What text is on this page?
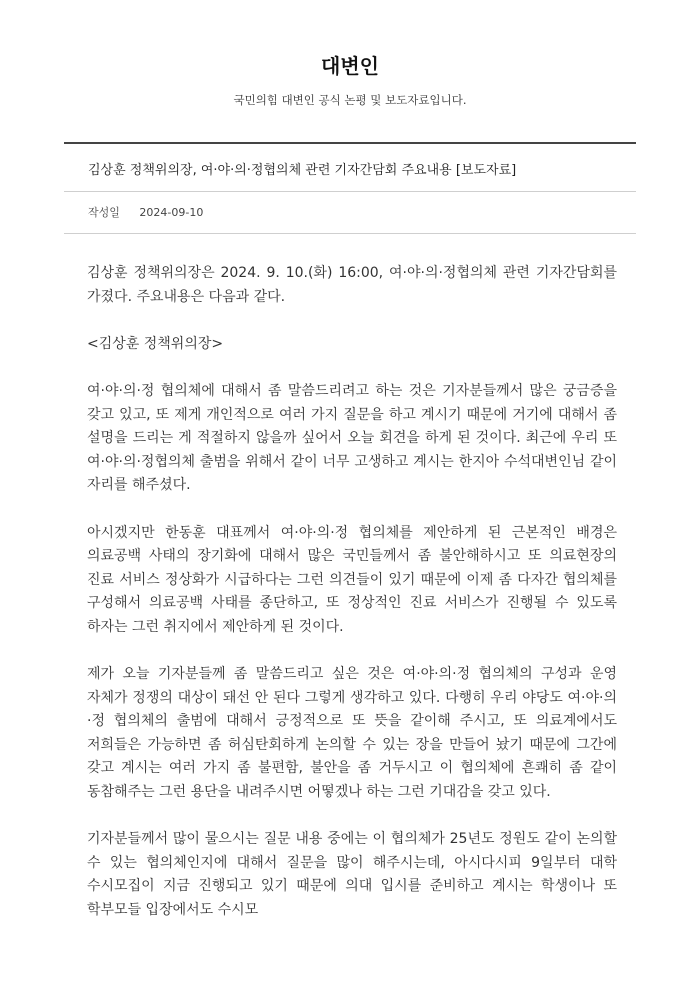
대변인
국민의힘 대변인 공식 논평 및 보도자료입니다.
김상훈 정책위의장, 여·야·의·정협의체 관련 기자간담회 주요내용 [보도자료]
작성일 2024-09-10

김상훈 정책위의장은 2024. 9. 10.(화) 16:00, 여·야·의·정협의체 관련 기자간담회를 가졌다. 주요내용은 다음과 같다.

<김상훈 정책위의장>

여·야·의·정 협의체에 대해서 좀 말씀드리려고 하는 것은 기자분들께서 많은 궁금증을 갖고 있고, 또 제게 개인적으로 여러 가지 질문을 하고 계시기 때문에 거기에 대해서 좀 설명을 드리는 게 적절하지 않을까 싶어서 오늘 회견을 하게 된 것이다. 최근에 우리 또 여·야·의·정협의체 출범을 위해서 같이 너무 고생하고 계시는 한지아 수석대변인님 같이 자리를 해주셨다.

아시겠지만 한동훈 대표께서 여·야·의·정 협의체를 제안하게 된 근본적인 배경은 의료공백 사태의 장기화에 대해서 많은 국민들께서 좀 불안해하시고 또 의료현장의 진료 서비스 정상화가 시급하다는 그런 의견들이 있기 때문에 이제 좀 다자간 협의체를 구성해서 의료공백 사태를 종단하고, 또 정상적인 진료 서비스가 진행될 수 있도록 하자는 그런 취지에서 제안하게 된 것이다.

제가 오늘 기자분들께 좀 말씀드리고 싶은 것은 여·야·의·정 협의체의 구성과 운영 자체가 정쟁의 대상이 돼선 안 된다 그렇게 생각하고 있다. 다행히 우리 야당도 여·야·의·정 협의체의 출범에 대해서 긍정적으로 또 뜻을 같이해 주시고, 또 의료계에서도 저희들은 가능하면 좀 허심탄회하게 논의할 수 있는 장을 만들어 놨기 때문에 그간에 갖고 계시는 여러 가지 좀 불편함, 불안을 좀 거두시고 이 협의체에 흔쾌히 좀 같이 동참해주는 그런 용단을 내려주시면 어떻겠나 하는 그런 기대감을 갖고 있다.

기자분들께서 많이 물으시는 질문 내용 중에는 이 협의체가 25년도 정원도 같이 논의할 수 있는 협의체인지에 대해서 질문을 많이 해주시는데, 아시다시피 9일부터 대학 수시모집이 지금 진행되고 있기 때문에 의대 입시를 준비하고 계시는 학생이나 또 학부모들 입장에서도 수시모
